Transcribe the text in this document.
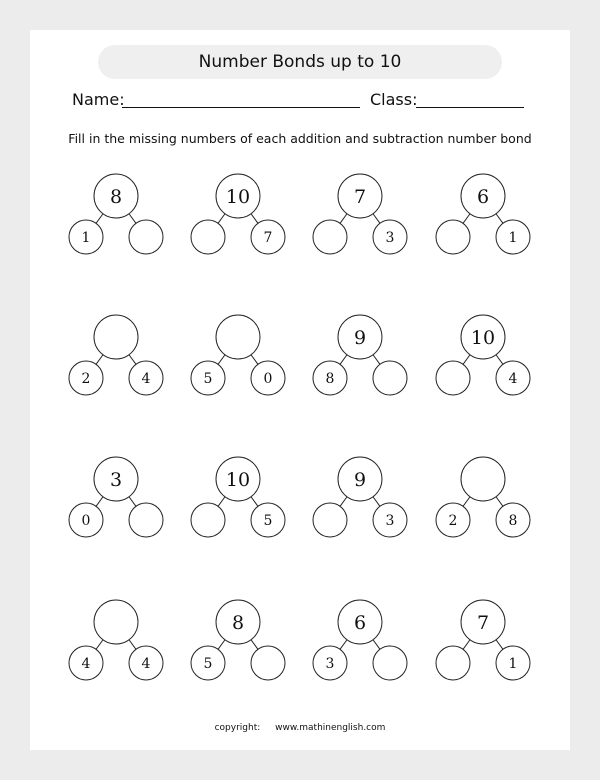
Number Bonds up to 10
Name:	Class:
Fill in the missing numbers of each addition and subtraction number bond
8
1
10
7
7
3
6
1
2	4	5	0
9
8
10
4
3
0
10
5
9
3	2	8
4	4
8
5
6
3
7
1
copyright: www.mathinenglish.com
